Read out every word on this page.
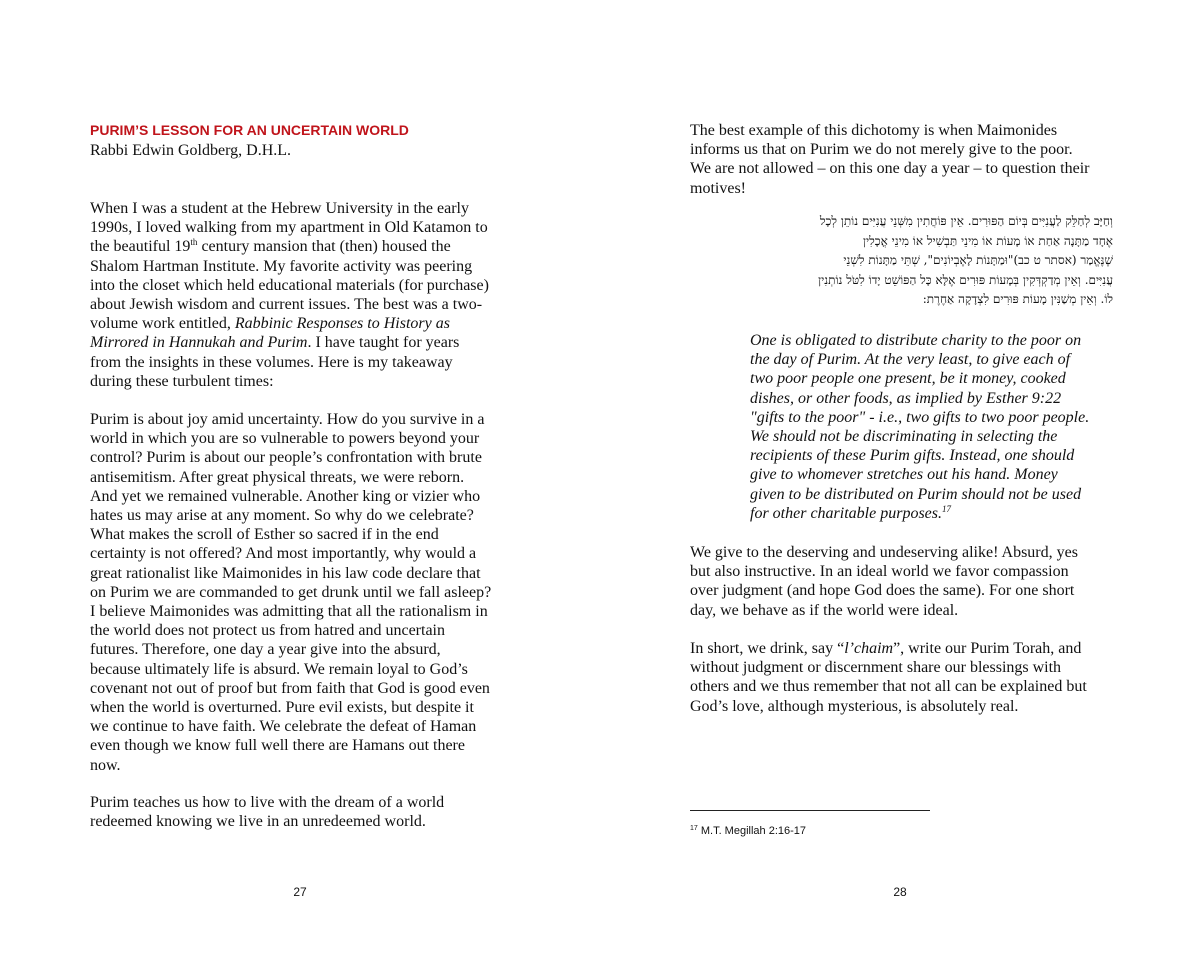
PURIM’S LESSON FOR AN UNCERTAIN WORLD

Rabbi Edwin Goldberg, D.H.L.

When I was a student at the Hebrew University in the early
1990s, I loved walking from my apartment in Old Katamon to
the beautiful 19th century mansion that (then) housed the
Shalom Hartman Institute. My favorite activity was peering
into the closet which held educational materials (for purchase)
about Jewish wisdom and current issues. The best was a two-
volume work entitled, Rabbinic Responses to History as
Mirrored in Hannukah and Purim. I have taught for years
from the insights in these volumes. Here is my takeaway
during these turbulent times:
Purim is about joy amid uncertainty. How do you survive in a
world in which you are so vulnerable to powers beyond your
control? Purim is about our people’s confrontation with brute
antisemitism. After great physical threats, we were reborn.
And yet we remained vulnerable. Another king or vizier who
hates us may arise at any moment. So why do we celebrate?
What makes the scroll of Esther so sacred if in the end
certainty is not offered? And most importantly, why would a
great rationalist like Maimonides in his law code declare that
on Purim we are commanded to get drunk until we fall asleep?
I believe Maimonides was admitting that all the rationalism in
the world does not protect us from hatred and uncertain
futures. Therefore, one day a year give into the absurd,
because ultimately life is absurd. We remain loyal to God’s
covenant not out of proof but from faith that God is good even
when the world is overturned. Pure evil exists, but despite it
we continue to have faith. We celebrate the defeat of Haman
even though we know full well there are Hamans out there
now.
Purim teaches us how to live with the dream of a world
redeemed knowing we live in an unredeemed world.

27

The best example of this dichotomy is when Maimonides
informs us that on Purim we do not merely give to the poor.
We are not allowed – on this one day a year – to question their
motives!
וְחַיָּב לְחַלֵּק לַעֲנִיִּים בְּיוֹם הַפּוּרִים. אֵין פּוֹחֲתִין מִשְּׁנֵי עֲנִיִּים נוֹתֵן לְכָל
אֶחָד מַתָּנָה אַחַת אוֹ מָעוֹת אוֹ מִינֵי תַּבְשִׁיל אוֹ מִינֵי אֳכָלִין
שֶׁנֶּאֱמַר (אסתר ט כב)"וּמַתָּנוֹת לָאֶבְיוֹנִים", שְׁתֵּי מַתָּנוֹת לִשְׁנֵי
עֲנִיִּים. וְאֵין מְדַקְדְּקִין בְּמָעוֹת פּוּרִים אֶלָּא כָּל הַפּוֹשֵׁט יָדוֹ לִטֹּל נוֹתְנִין
לוֹ. וְאֵין מְשַׁנִּין מָעוֹת פּוּרִים לִצְדָקָה אַחֶרֶת:
One is obligated to distribute charity to the poor on
the day of Purim. At the very least, to give each of
two poor people one present, be it money, cooked
dishes, or other foods, as implied by Esther 9:22
"gifts to the poor" - i.e., two gifts to two poor people.
We should not be discriminating in selecting the
recipients of these Purim gifts. Instead, one should
give to whomever stretches out his hand. Money
given to be distributed on Purim should not be used
for other charitable purposes.$^{17}$
We give to the deserving and undeserving alike! Absurd, yes
but also instructive. In an ideal world we favor compassion
over judgment (and hope God does the same). For one short
day, we behave as if the world were ideal.
In short, we drink, say “l’chaim”, write our Purim Torah, and
without judgment or discernment share our blessings with
others and we thus remember that not all can be explained but
God’s love, although mysterious, is absolutely real.

$^{17}$ M.T. Megillah 2:16-17

28
